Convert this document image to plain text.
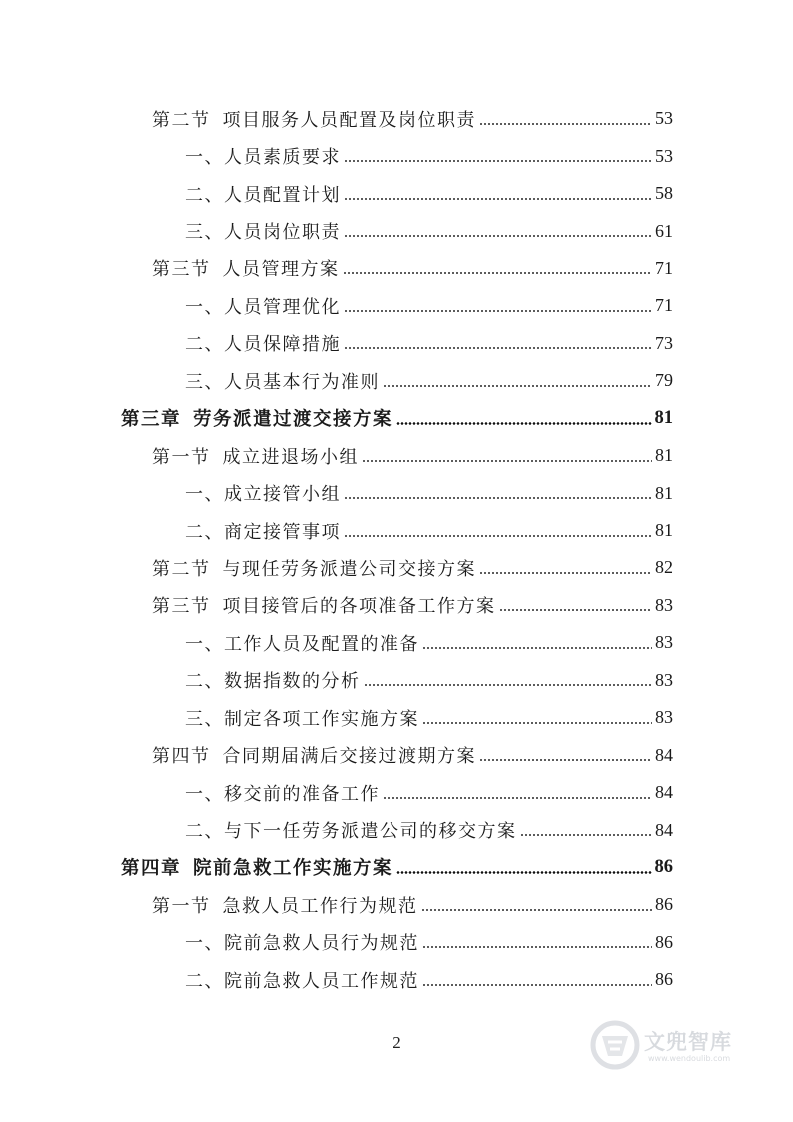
第二节 项目服务人员配置及岗位职责	53
一、人员素质要求	53
二、人员配置计划	58
三、人员岗位职责	61
第三节 人员管理方案	71
一、人员管理优化	71
二、人员保障措施	73
三、人员基本行为准则	79
第三章 劳务派遣过渡交接方案	81
第一节 成立进退场小组	81
一、成立接管小组	81
二、商定接管事项	81
第二节 与现任劳务派遣公司交接方案	82
第三节 项目接管后的各项准备工作方案	83
一、工作人员及配置的准备	83
二、数据指数的分析	83
三、制定各项工作实施方案	83
第四节 合同期届满后交接过渡期方案	84
一、移交前的准备工作	84
二、与下一任劳务派遣公司的移交方案	84
第四章 院前急救工作实施方案	86
第一节 急救人员工作行为规范	86
一、院前急救人员行为规范	86
二、院前急救人员工作规范	86
2	文兜智库
www.wendoulib.com
